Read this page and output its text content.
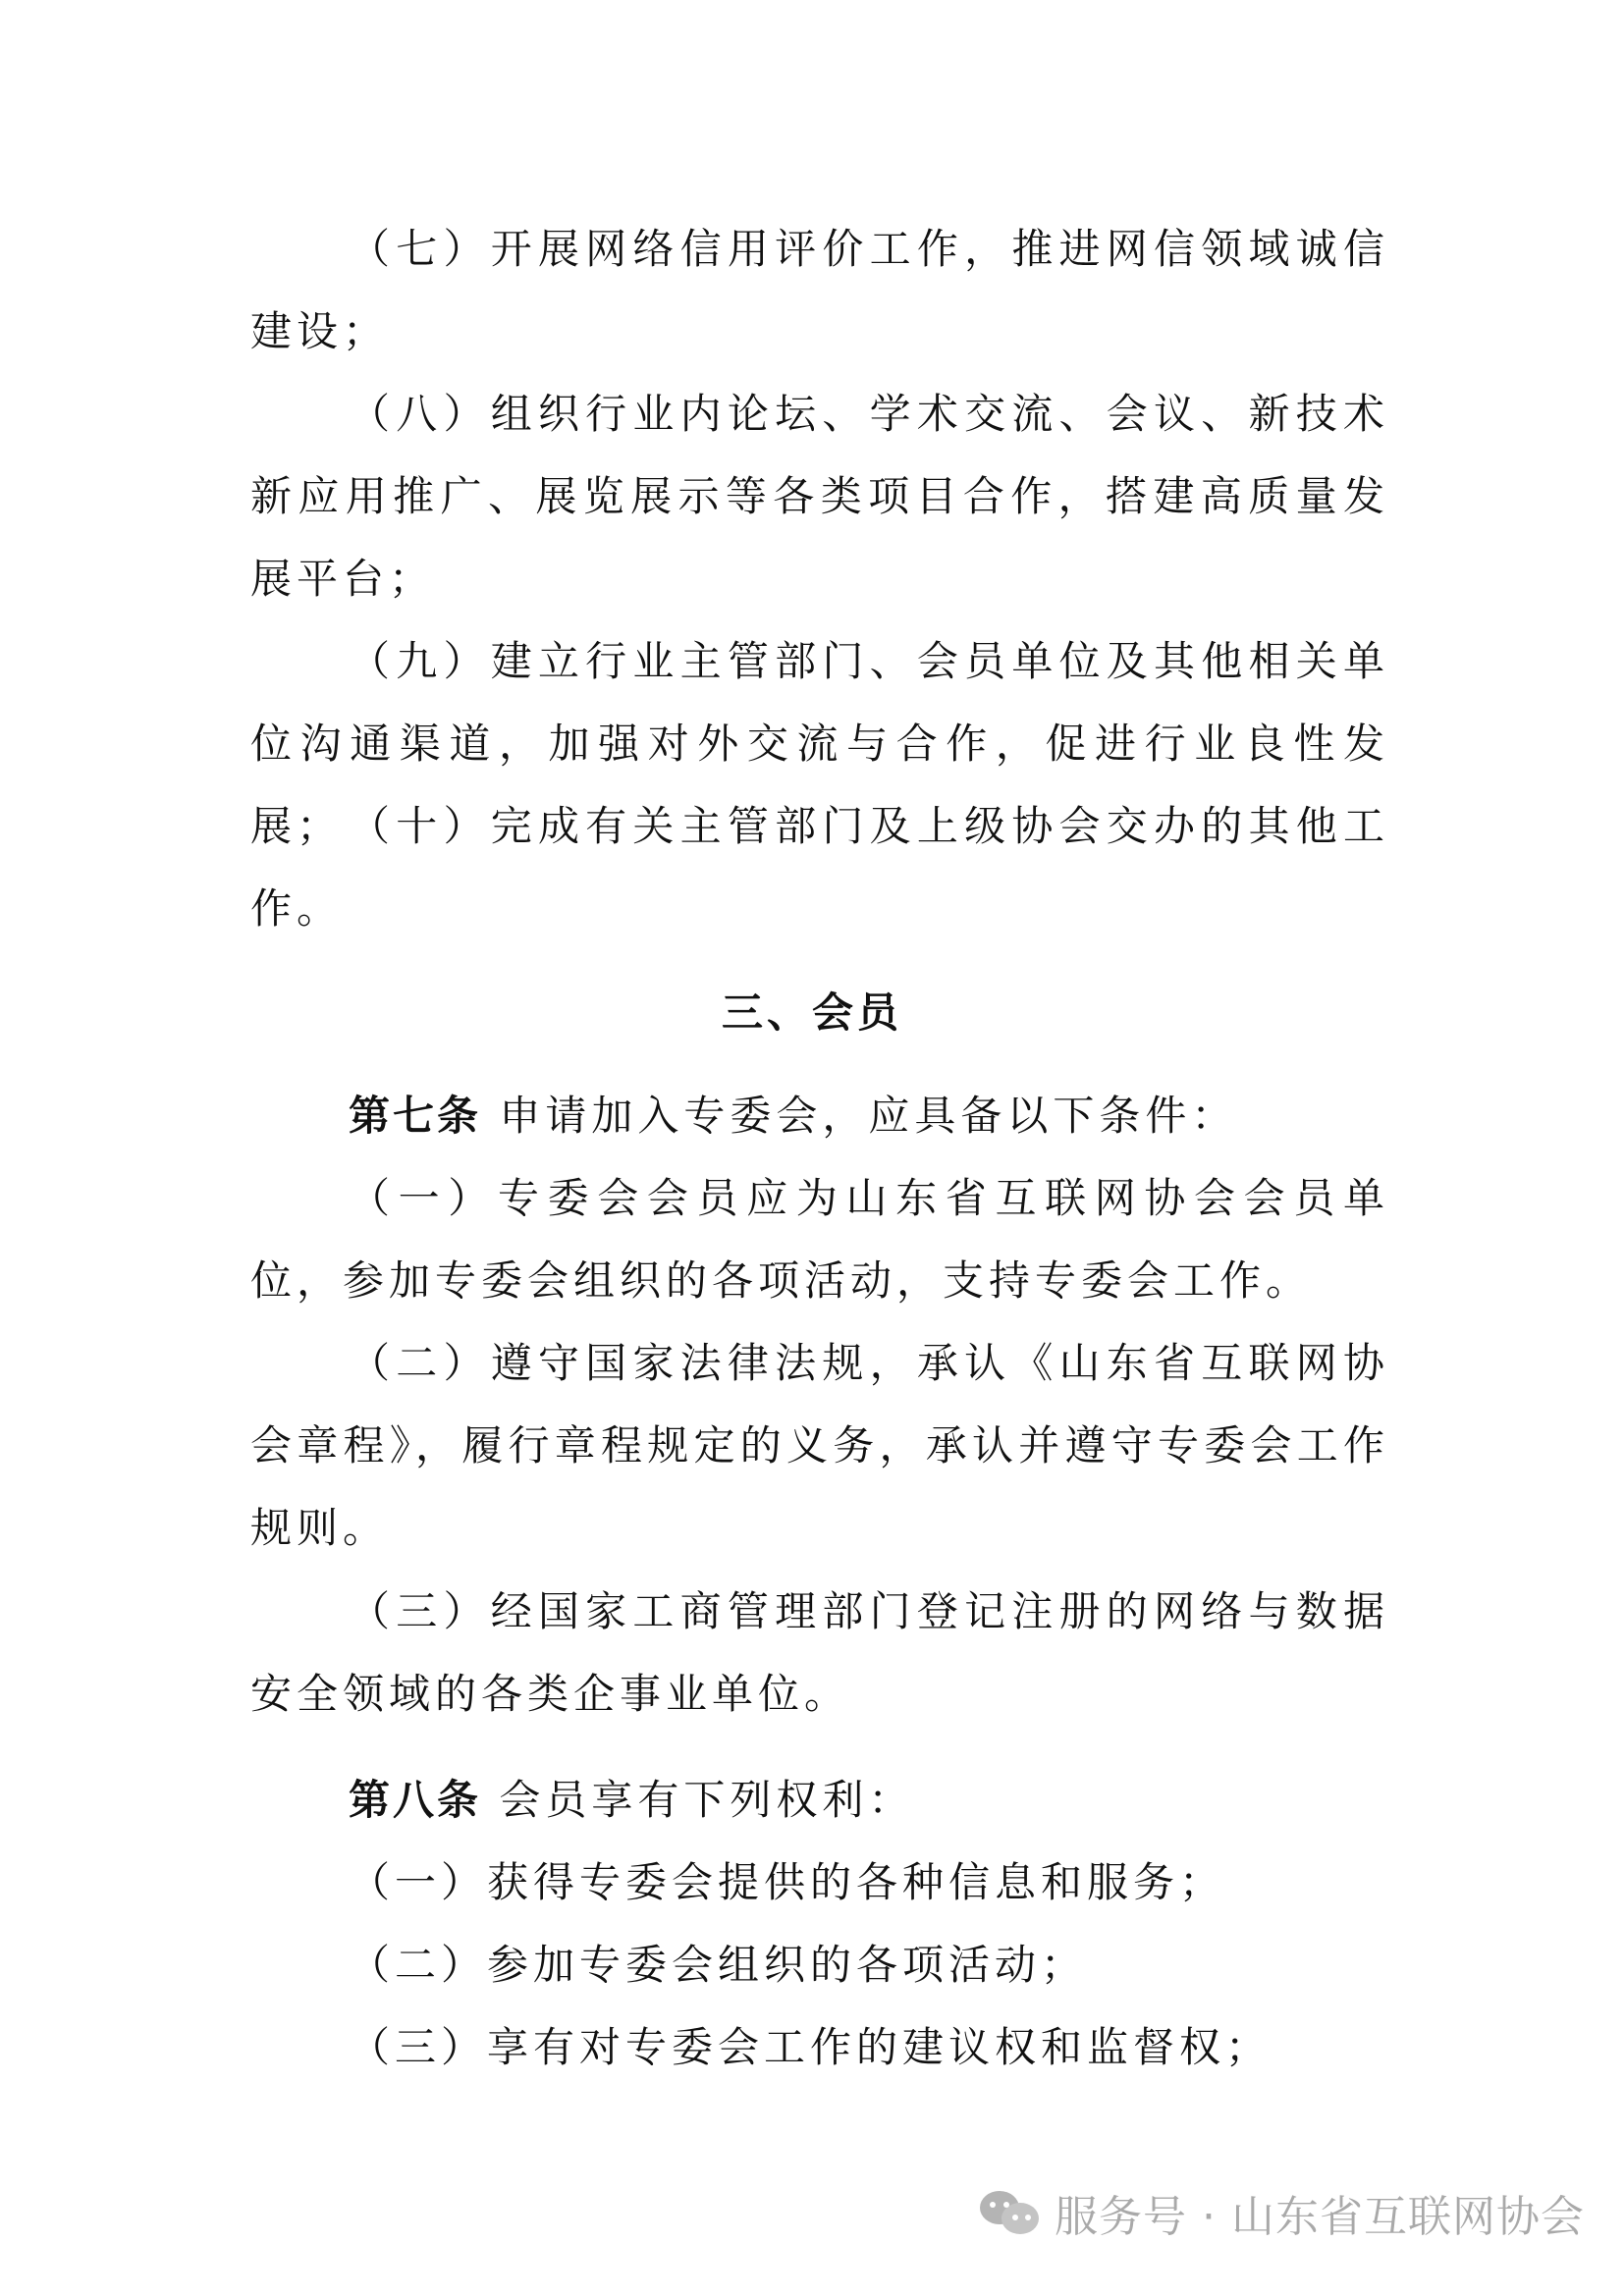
（七）开展网络信用评价工作，推进网信领域诚信建设；

（八）组织行业内论坛、学术交流、会议、新技术新应用推广、展览展示等各类项目合作，搭建高质量发展平台；

（九）建立行业主管部门、会员单位及其他相关单位沟通渠道，加强对外交流与合作，促进行业良性发展； （十）完成有关主管部门及上级协会交办的其他工作。

三、会员

第七条 申请加入专委会，应具备以下条件：

（一）专委会会员应为山东省互联网协会会员单位，参加专委会组织的各项活动，支持专委会工作。

（二）遵守国家法律法规，承认《山东省互联网协会章程》，履行章程规定的义务，承认并遵守专委会工作规则。

（三）经国家工商管理部门登记注册的网络与数据安全领域的各类企事业单位。

第八条 会员享有下列权利：

（一）获得专委会提供的各种信息和服务；

（二）参加专委会组织的各项活动；

（三）享有对专委会工作的建议权和监督权；

服务号 · 山东省互联网协会
